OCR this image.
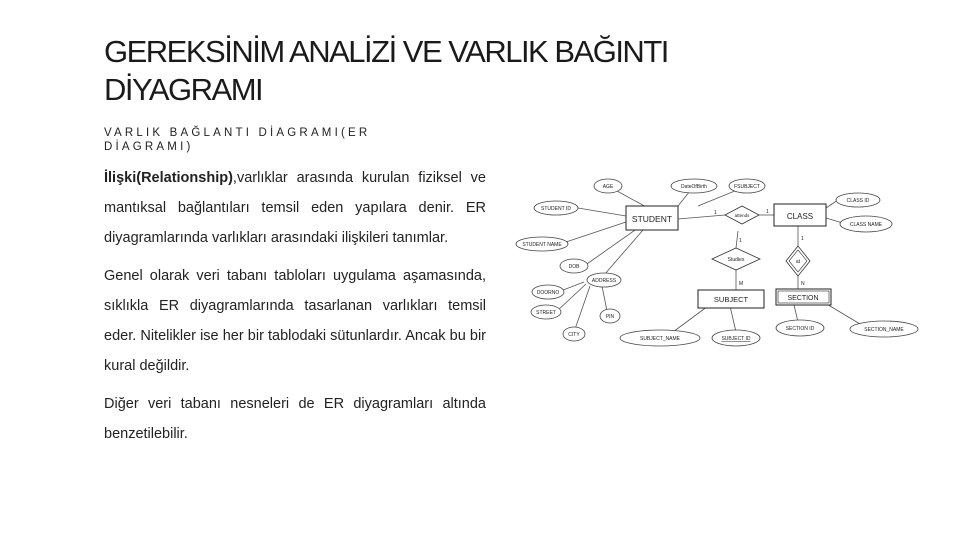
GEREKSİNİM ANALİZİ VE VARLIK BAĞINTI DİYAGRAMI
VARLIK BAĞLANTI DİAGRAMI(ER DİAGRAMI)

İlişki(Relationship),varlıklar arasında kurulan fiziksel ve mantıksal bağlantıları temsil eden yapılara denir. ER diyagramlarında varlıkları arasındaki ilişkileri tanımlar.

Genel olarak veri tabanı tabloları uygulama aşamasında, sıklıkla ER diyagramlarında tasarlanan varlıkları temsil eder. Nitelikler ise her bir tablodaki sütunlardır. Ancak bu bir kural değildir.

Diğer veri tabanı nesneleri de ER diyagramları altında benzetilebilir.

STUDENT	CLASS
SUBJECT	SECTION
attends
Studies	at
AGE	DateOfBirth	FSUBJECT
STUDENT ID
STUDENT NAME
DOB
ADDRESS
DOORNO
STREET
PIN
CITY
CLASS ID
CLASS NAME
SUBJECT_NAME	SUBJECT ID
SECTION ID	SECTION_NAME
1	1
1
M
1
N
